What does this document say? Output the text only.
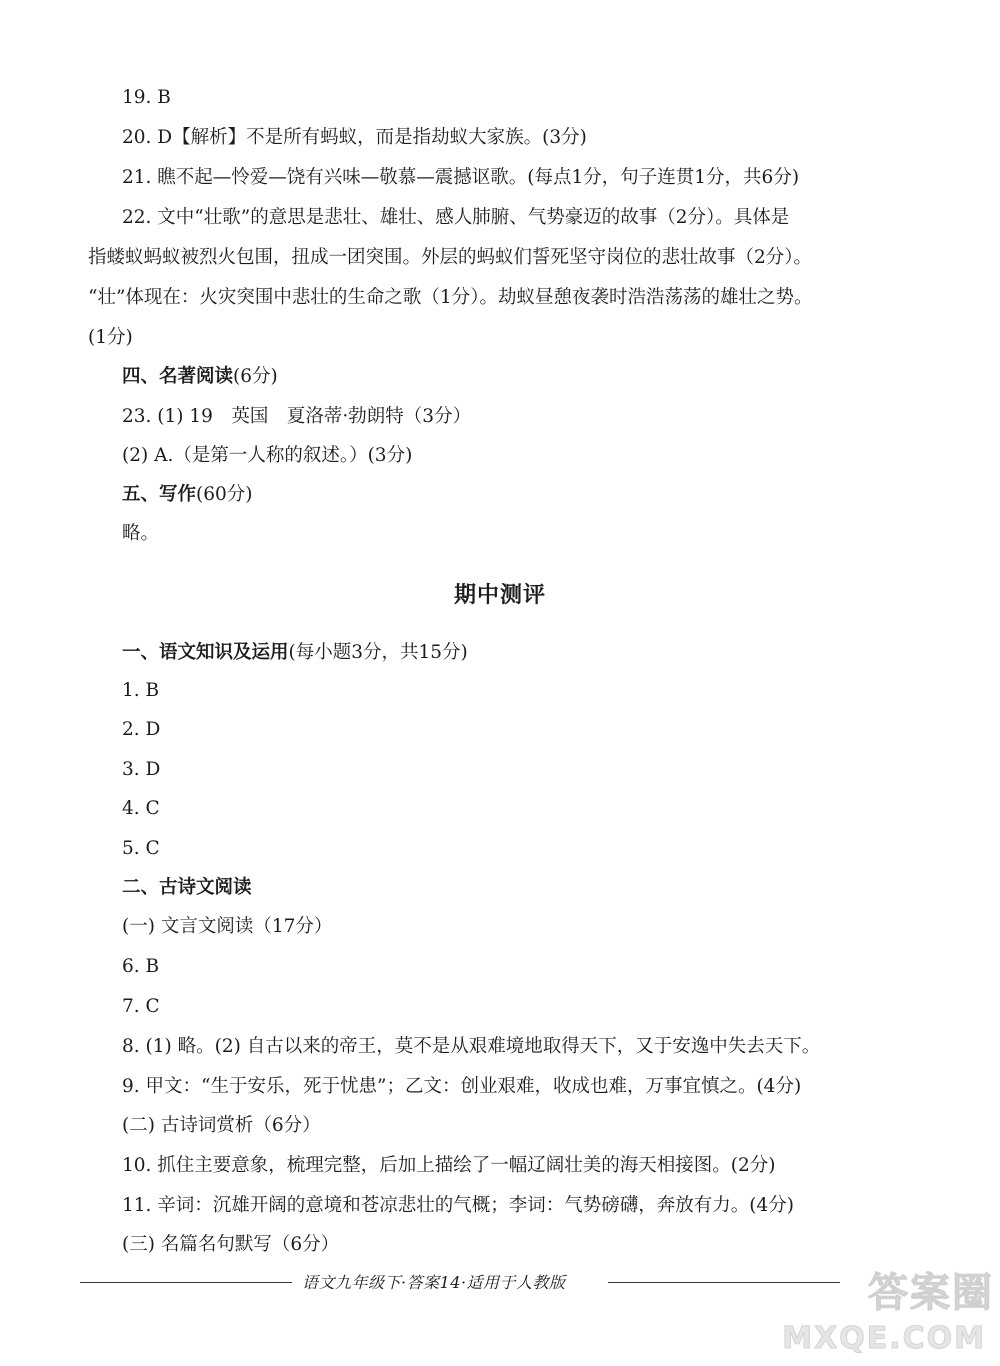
19. B
20. D【解析】不是所有蚂蚁，而是指劫蚁大家族。(3分)
21. 瞧不起—怜爱—饶有兴味—敬慕—震撼讴歌。(每点1分，句子连贯1分，共6分)
22. 文中“壮歌”的意思是悲壮、雄壮、感人肺腑、气势豪迈的故事（2分）。具体是
指蝼蚁蚂蚁被烈火包围，扭成一团突围。外层的蚂蚁们誓死坚守岗位的悲壮故事（2分）。
“壮”体现在：火灾突围中悲壮的生命之歌（1分）。劫蚁昼憩夜袭时浩浩荡荡的雄壮之势。
(1分)
四、名著阅读(6分)
23. (1) 19　英国　夏洛蒂·勃朗特（3分）
(2) A.（是第一人称的叙述。）(3分)
五、写作(60分)
略。
期中测评
一、语文知识及运用(每小题3分，共15分)
1. B
2. D
3. D
4. C
5. C
二、古诗文阅读
(一) 文言文阅读（17分）
6. B
7. C
8. (1) 略。(2) 自古以来的帝王，莫不是从艰难境地取得天下，又于安逸中失去天下。
9. 甲文：“生于安乐，死于忧患”；乙文：创业艰难，收成也难，万事宜慎之。(4分)
(二) 古诗词赏析（6分）
10. 抓住主要意象，梳理完整，后加上描绘了一幅辽阔壮美的海天相接图。(2分)
11. 辛词：沉雄开阔的意境和苍凉悲壮的气概；李词：气势磅礴，奔放有力。(4分)
(三) 名篇名句默写（6分）
语文九年级下·答案14·适用于人教版	答案圈
MXQE.COM
